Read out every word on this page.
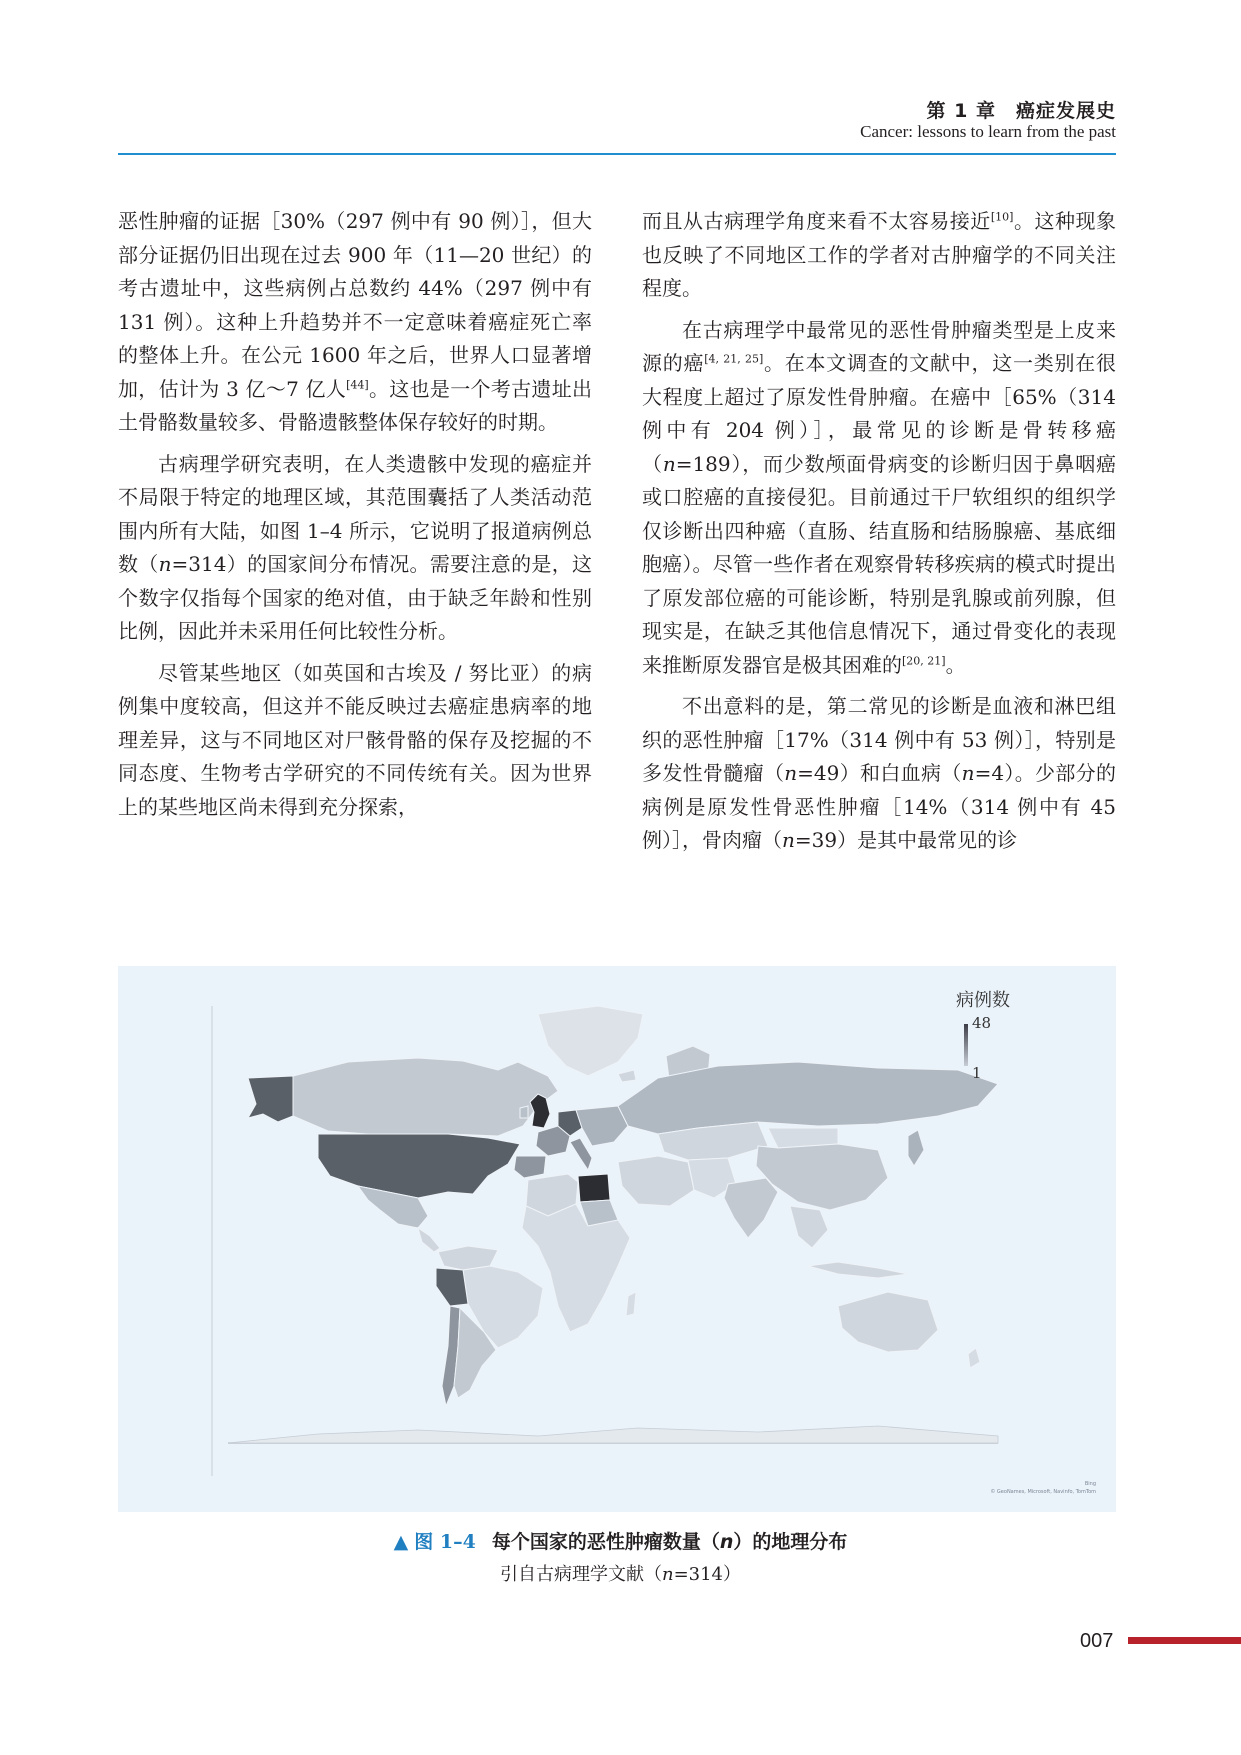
第 1 章　癌症发展史
Cancer: lessons to learn from the past

恶性肿瘤的证据［30%（297 例中有 90 例）］，但大部分证据仍旧出现在过去 900 年（11—20 世纪）的考古遗址中，这些病例占总数约 44%（297 例中有 131 例）。这种上升趋势并不一定意味着癌症死亡率的整体上升。在公元 1600 年之后，世界人口显著增加，估计为 3 亿～7 亿人[44]。这也是一个考古遗址出土骨骼数量较多、骨骼遗骸整体保存较好的时期。

古病理学研究表明，在人类遗骸中发现的癌症并不局限于特定的地理区域，其范围囊括了人类活动范围内所有大陆，如图 1–4 所示，它说明了报道病例总数（n=314）的国家间分布情况。需要注意的是，这个数字仅指每个国家的绝对值，由于缺乏年龄和性别比例，因此并未采用任何比较性分析。

尽管某些地区（如英国和古埃及 / 努比亚）的病例集中度较高，但这并不能反映过去癌症患病率的地理差异，这与不同地区对尸骸骨骼的保存及挖掘的不同态度、生物考古学研究的不同传统有关。因为世界上的某些地区尚未得到充分探索，

而且从古病理学角度来看不太容易接近[10]。这种现象也反映了不同地区工作的学者对古肿瘤学的不同关注程度。

在古病理学中最常见的恶性骨肿瘤类型是上皮来源的癌[4, 21, 25]。在本文调查的文献中，这一类别在很大程度上超过了原发性骨肿瘤。在癌中［65%（314 例中有 204 例）］，最常见的诊断是骨转移癌（n=189），而少数颅面骨病变的诊断归因于鼻咽癌或口腔癌的直接侵犯。目前通过干尸软组织的组织学仅诊断出四种癌（直肠、结直肠和结肠腺癌、基底细胞癌）。尽管一些作者在观察骨转移疾病的模式时提出了原发部位癌的可能诊断，特别是乳腺或前列腺，但现实是，在缺乏其他信息情况下，通过骨变化的表现来推断原发器官是极其困难的[20, 21]。

不出意料的是，第二常见的诊断是血液和淋巴组织的恶性肿瘤［17%（314 例中有 53 例）］，特别是多发性骨髓瘤（n=49）和白血病（n=4）。少部分的病例是原发性骨恶性肿瘤［14%（314 例中有 45 例）］，骨肉瘤（n=39）是其中最常见的诊

病例数
48
1
Bing
© GeoNames, Microsoft, Navinfo, TomTom
▲ 图 1–4 每个国家的恶性肿瘤数量（n）的地理分布
引自古病理学文献（n=314）
007
